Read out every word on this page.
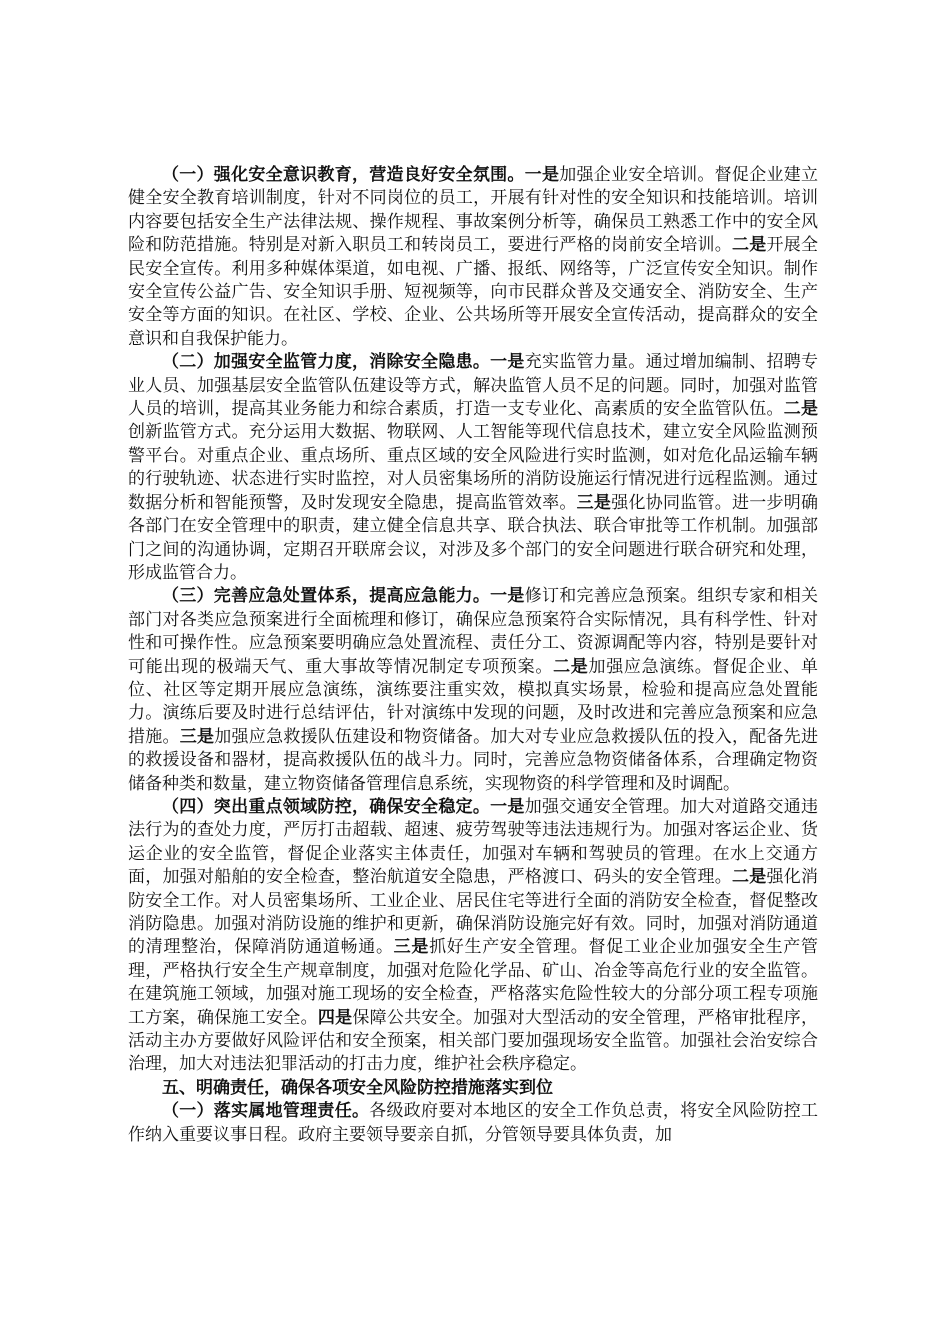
（一）强化安全意识教育，营造良好安全氛围。一是加强企业安全培训。督促企业建立健全安全教育培训制度，针对不同岗位的员工，开展有针对性的安全知识和技能培训。培训内容要包括安全生产法律法规、操作规程、事故案例分析等，确保员工熟悉工作中的安全风险和防范措施。特别是对新入职员工和转岗员工，要进行严格的岗前安全培训。二是开展全民安全宣传。利用多种媒体渠道，如电视、广播、报纸、网络等，广泛宣传安全知识。制作安全宣传公益广告、安全知识手册、短视频等，向市民群众普及交通安全、消防安全、生产安全等方面的知识。在社区、学校、企业、公共场所等开展安全宣传活动，提高群众的安全意识和自我保护能力。

（二）加强安全监管力度，消除安全隐患。一是充实监管力量。通过增加编制、招聘专业人员、加强基层安全监管队伍建设等方式，解决监管人员不足的问题。同时，加强对监管人员的培训，提高其业务能力和综合素质，打造一支专业化、高素质的安全监管队伍。二是创新监管方式。充分运用大数据、物联网、人工智能等现代信息技术，建立安全风险监测预警平台。对重点企业、重点场所、重点区域的安全风险进行实时监测，如对危化品运输车辆的行驶轨迹、状态进行实时监控，对人员密集场所的消防设施运行情况进行远程监测。通过数据分析和智能预警，及时发现安全隐患，提高监管效率。三是强化协同监管。进一步明确各部门在安全管理中的职责，建立健全信息共享、联合执法、联合审批等工作机制。加强部门之间的沟通协调，定期召开联席会议，对涉及多个部门的安全问题进行联合研究和处理，形成监管合力。

（三）完善应急处置体系，提高应急能力。一是修订和完善应急预案。组织专家和相关部门对各类应急预案进行全面梳理和修订，确保应急预案符合实际情况，具有科学性、针对性和可操作性。应急预案要明确应急处置流程、责任分工、资源调配等内容，特别是要针对可能出现的极端天气、重大事故等情况制定专项预案。二是加强应急演练。督促企业、单位、社区等定期开展应急演练，演练要注重实效，模拟真实场景，检验和提高应急处置能力。演练后要及时进行总结评估，针对演练中发现的问题，及时改进和完善应急预案和应急措施。三是加强应急救援队伍建设和物资储备。加大对专业应急救援队伍的投入，配备先进的救援设备和器材，提高救援队伍的战斗力。同时，完善应急物资储备体系，合理确定物资储备种类和数量，建立物资储备管理信息系统，实现物资的科学管理和及时调配。

（四）突出重点领域防控，确保安全稳定。一是加强交通安全管理。加大对道路交通违法行为的查处力度，严厉打击超载、超速、疲劳驾驶等违法违规行为。加强对客运企业、货运企业的安全监管，督促企业落实主体责任，加强对车辆和驾驶员的管理。在水上交通方面，加强对船舶的安全检查，整治航道安全隐患，严格渡口、码头的安全管理。二是强化消防安全工作。对人员密集场所、工业企业、居民住宅等进行全面的消防安全检查，督促整改消防隐患。加强对消防设施的维护和更新，确保消防设施完好有效。同时，加强对消防通道的清理整治，保障消防通道畅通。三是抓好生产安全管理。督促工业企业加强安全生产管理，严格执行安全生产规章制度，加强对危险化学品、矿山、冶金等高危行业的安全监管。在建筑施工领域，加强对施工现场的安全检查，严格落实危险性较大的分部分项工程专项施工方案，确保施工安全。四是保障公共安全。加强对大型活动的安全管理，严格审批程序，活动主办方要做好风险评估和安全预案，相关部门要加强现场安全监管。加强社会治安综合治理，加大对违法犯罪活动的打击力度，维护社会秩序稳定。

五、明确责任，确保各项安全风险防控措施落实到位

（一）落实属地管理责任。各级政府要对本地区的安全工作负总责，将安全风险防控工作纳入重要议事日程。政府主要领导要亲自抓，分管领导要具体负责，加
